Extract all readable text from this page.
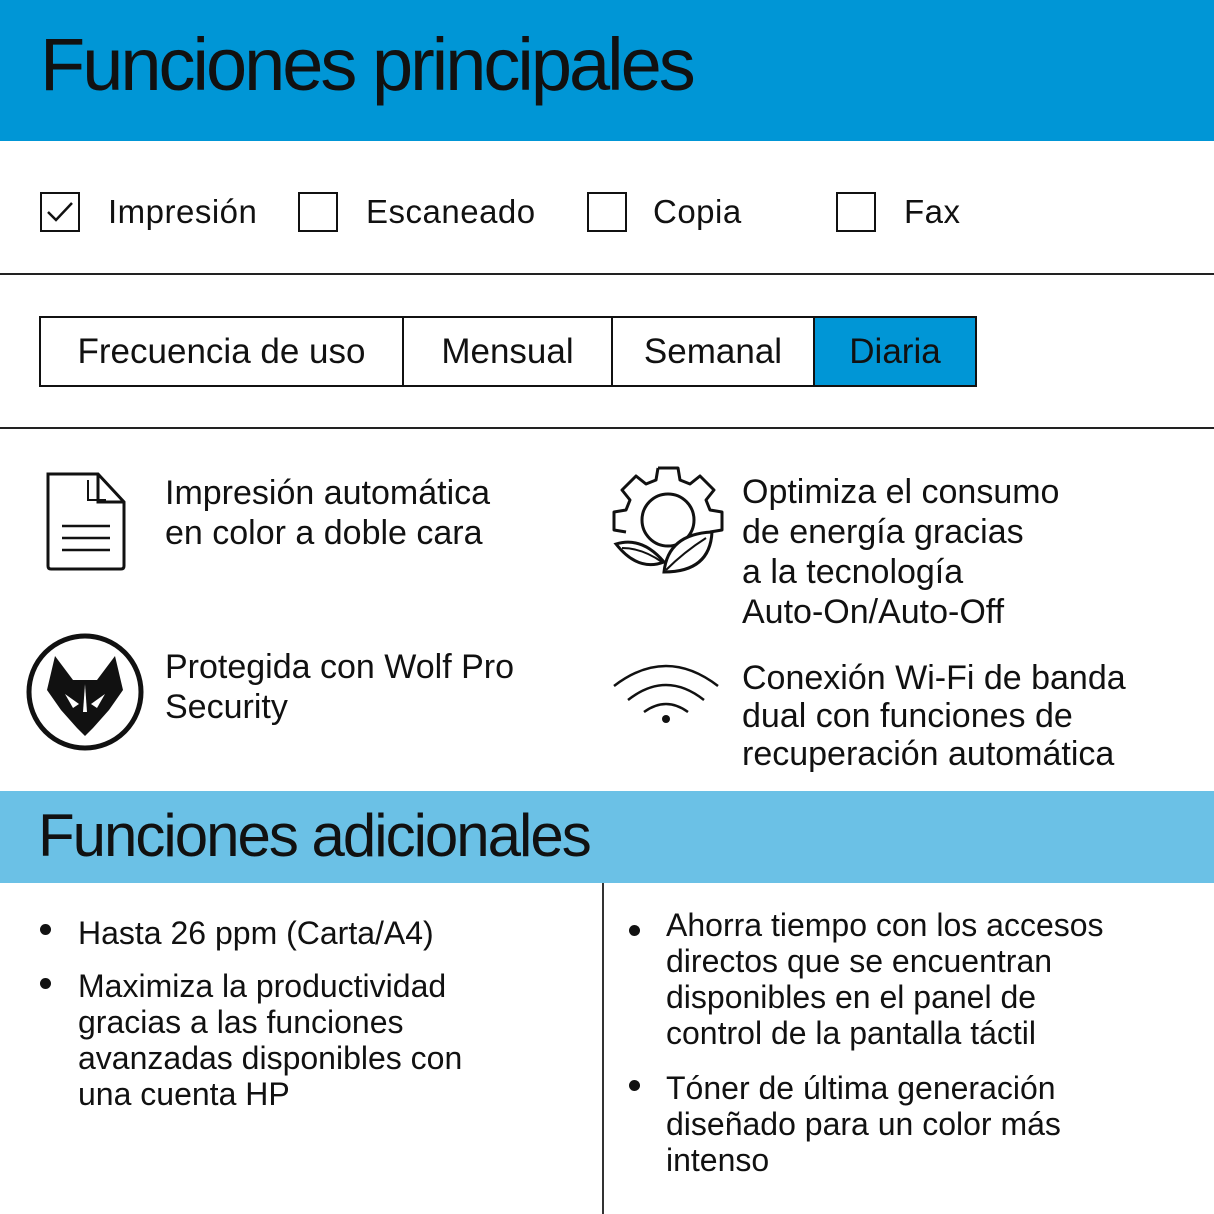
Funciones principales
Impresión	Escaneado	Copia	Fax
Frecuencia de uso	Mensual	Semanal	Diaria
Impresión automática
en color a doble cara
Optimiza el consumo
de energía gracias
a la tecnología
Auto-On/Auto-Off
Protegida con Wolf Pro
Security
Conexión Wi-Fi de banda
dual con funciones de
recuperación automática
Funciones adicionales
Hasta 26 ppm (Carta/A4)
Maximiza la productividad
gracias a las funciones
avanzadas disponibles con
una cuenta HP
Ahorra tiempo con los accesos
directos que se encuentran
disponibles en el panel de
control de la pantalla táctil
Tóner de última generación
diseñado para un color más
intenso
